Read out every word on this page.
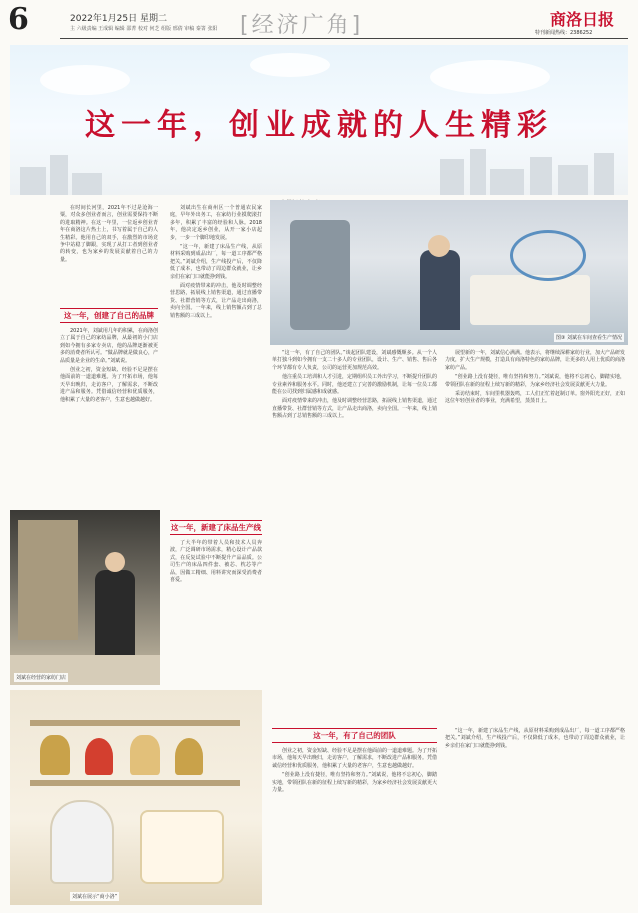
6	2022年1月25日 星期二
主 六级责编 王成辑 编辑 邵菁 校对 何芝 组版 邢倩 审稿 秦箐 张阳 [经济广角]	商洛日报
特刊新闻热线：2386252
这一年，创业成就的人生精彩

在时间长河里，2021年不过是沧海一粟，对众多创业者而言，创业需要保持不断的进取精神。在这一年里，一位返乡创业青年在商洛这片热土上，书写着属于自己的人生精彩。他用自己的双手，在激烈的市场竞争中站稳了脚跟，实现了从打工者到创业者的转变，也为家乡的发展贡献着自己的力量。

这一年，创建了自己的品牌

2021年，刘斌用几年的积累，在商洛创立了属于自己的家纺品牌，从最初的小门店到如今拥有多家专卖店，他的品牌逐渐被更多的消费者所认可。“做品牌就是做良心，产品质量是企业的生命。”刘斌说。

创业之初，资金短缺、经验不足是摆在他面前的一道道难题。为了开拓市场，他每天早出晚归，走访客户，了解需求，不断改进产品和服务。凭借诚信经营和优质服务，他积累了大量的老客户，生意也越做越好。

刘斌出生在商州区一个普通农民家庭，早年外出务工，在家纺行业摸爬滚打多年，积累了丰富的经验和人脉。2018年，他决定返乡创业，从开一家小店起步，一步一个脚印地发展。

“这一年，新建了床品生产线，从原材料采购到成品出厂，每一道工序都严格把关。”刘斌介绍，生产线投产后，不仅降低了成本，也带动了周边群众就业，让乡亲们在家门口就能挣到钱。

面对疫情带来的冲击，他及时调整经营思路，拓展线上销售渠道，通过直播带货、社群营销等方式，让产品走出商洛，卖向全国。一年来，线上销售额占到了总销售额的三成以上。

图③ 刘斌在车间查看生产情况
刘斌在经营的家纺门店
这一年，新建了床品生产线

了大半年的带着人员和技术人员奔波，广泛调研市场需求，精心设计产品款式，在反复试验中不断提升产品品质。公司生产的床品四件套、被芯、枕芯等产品，因做工精细、用料讲究而深受消费者喜爱。

“这一年，有了自己的团队。”谈起团队建设，刘斌感慨颇多。从一个人单打独斗到如今拥有一支二十多人的专业团队，设计、生产、销售、售后各个环节都有专人负责，公司的运营更加规范高效。

他注重员工培训和人才引进，定期组织员工外出学习，不断提升团队的专业素养和服务水平。同时，他还建立了完善的激励机制，让每一位员工都能在公司找到归属感和成就感。

面对疫情带来的冲击，他及时调整经营思路，拓展线上销售渠道，通过直播带货、社群营销等方式，让产品走出商洛，卖向全国。一年来，线上销售额占到了总销售额的三成以上。

展望新的一年，刘斌信心满满。他表示，将继续深耕家纺行业，加大产品研发力度，扩大生产规模，打造具有商洛特色的家纺品牌，让更多的人用上优质的商洛家纺产品。

“创业路上没有捷径，唯有坚持和努力。”刘斌说，他将不忘初心，脚踏实地，带领团队在新的征程上续写新的精彩，为家乡经济社会发展贡献更大力量。

采访结束时，车间里机器轰鸣，工人们正忙着赶制订单。窗外阳光正好，正如这位年轻创业者的事业，充满希望，蒸蒸日上。

这一年，有了自己的团队

创业之初，资金短缺、经验不足是摆在他面前的一道道难题。为了开拓市场，他每天早出晚归，走访客户，了解需求，不断改进产品和服务。凭借诚信经营和优质服务，他积累了大量的老客户，生意也越做越好。

“创业路上没有捷径，唯有坚持和努力。”刘斌说，他将不忘初心，脚踏实地，带领团队在新的征程上续写新的精彩，为家乡经济社会发展贡献更大力量。

“这一年，新建了床品生产线，从原材料采购到成品出厂，每一道工序都严格把关。”刘斌介绍，生产线投产后，不仅降低了成本，也带动了周边群众就业，让乡亲们在家门口就能挣到钱。

刘斌在展示“商小洛”
